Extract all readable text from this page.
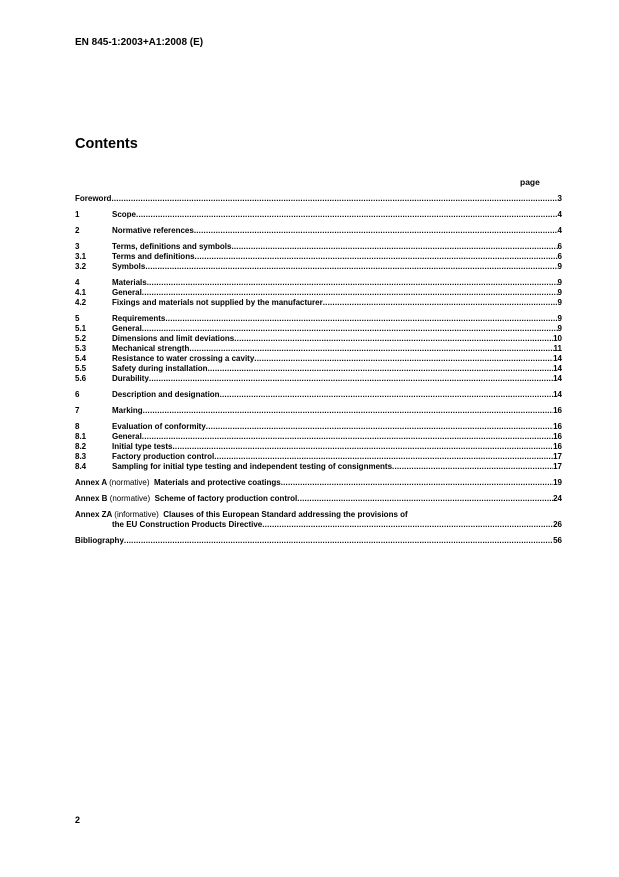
EN 845-1:2003+A1:2008 (E)
Contents
page
Foreword .....	3
1	Scope .....	4
2	Normative references .....	4
3	Terms, definitions and symbols .....	6
3.1	Terms and definitions .....	6
3.2	Symbols .....	9
4	Materials .....	9
4.1	General .....	9
4.2	Fixings and materials not supplied by the manufacturer .....	9
5	Requirements .....	9
5.1	General .....	9
5.2	Dimensions and limit deviations .....	10
5.3	Mechanical strength .....	11
5.4	Resistance to water crossing a cavity .....	14
5.5	Safety during installation .....	14
5.6	Durability .....	14
6	Description and designation .....	14
7	Marking .....	16
8	Evaluation of conformity .....	16
8.1	General .....	16
8.2	Initial type tests .....	16
8.3	Factory production control .....	17
8.4	Sampling for initial type testing and independent testing of consignments .....	17
Annex A (normative) Materials and protective coatings .....	19
Annex B (normative) Scheme of factory production control .....	24
Annex ZA (informative) Clauses of this European Standard addressing the provisions of
the EU Construction Products Directive .....	26
Bibliography .....	56
2
